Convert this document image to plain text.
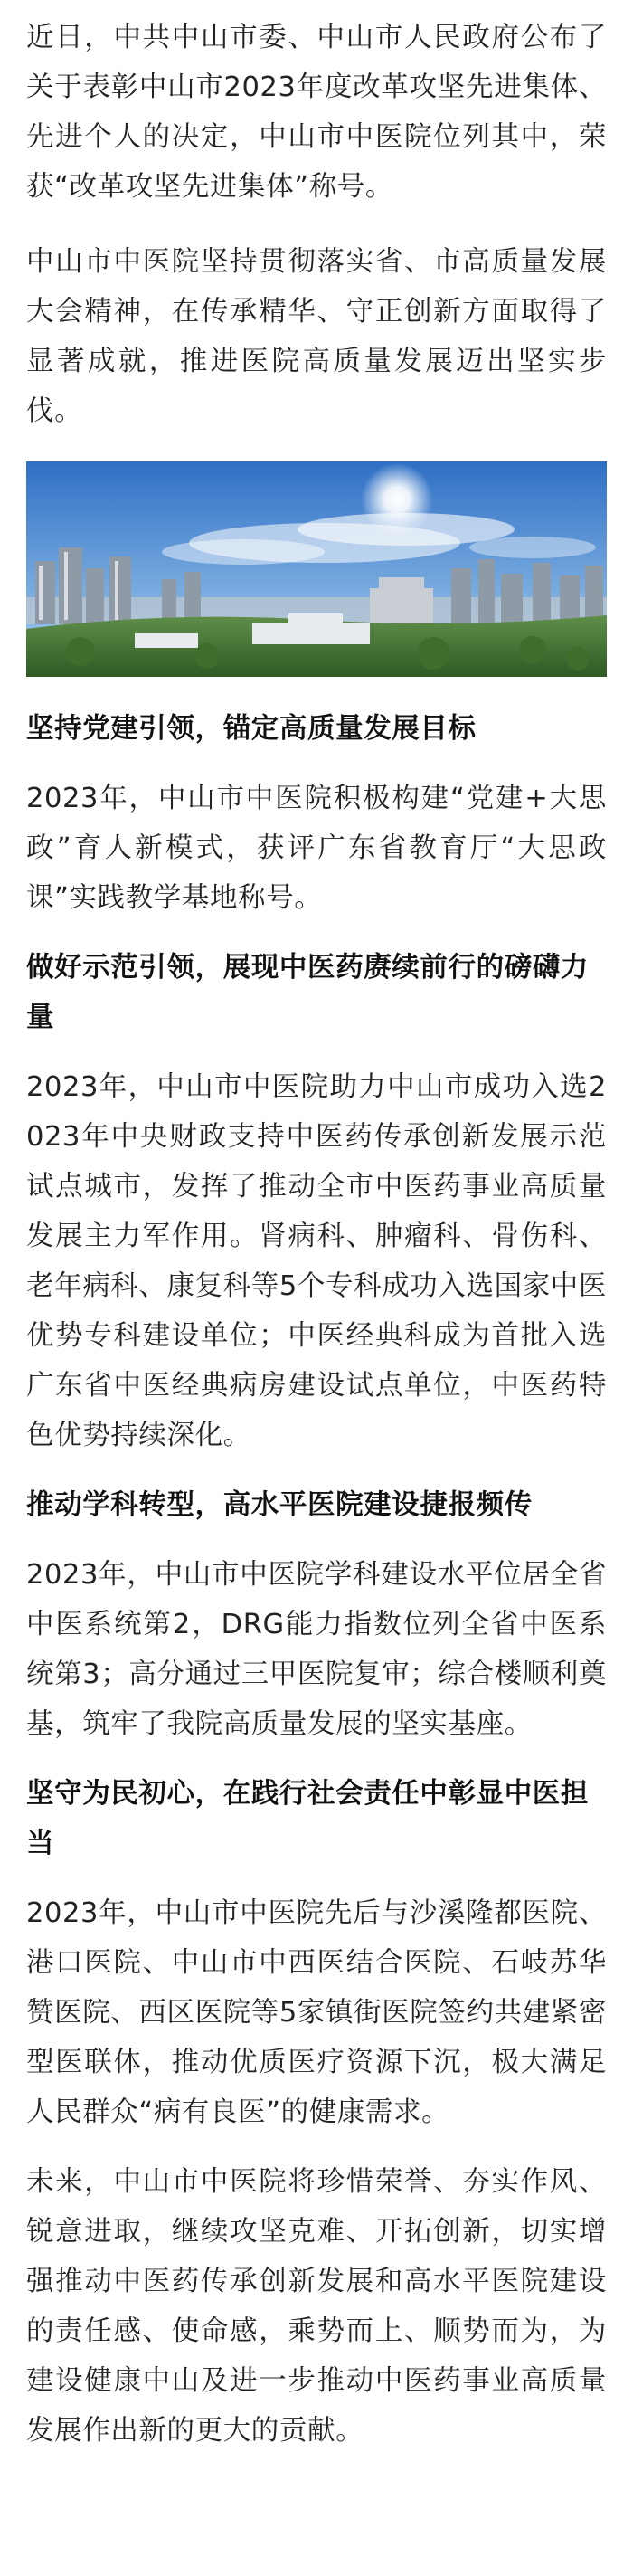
近日，中共中山市委、中山市人民政府公布了关于表彰中山市2023年度改革攻坚先进集体、先进个人的决定，中山市中医院位列其中，荣获“改革攻坚先进集体”称号。

中山市中医院坚持贯彻落实省、市高质量发展大会精神，在传承精华、守正创新方面取得了显著成就，推进医院高质量发展迈出坚实步伐。

坚持党建引领，锚定高质量发展目标

2023年，中山市中医院积极构建“党建+大思政”育人新模式，获评广东省教育厅“大思政课”实践教学基地称号。

做好示范引领，展现中医药赓续前行的磅礴力量

2023年，中山市中医院助力中山市成功入选2023年中央财政支持中医药传承创新发展示范试点城市，发挥了推动全市中医药事业高质量发展主力军作用。肾病科、肿瘤科、骨伤科、老年病科、康复科等5个专科成功入选国家中医优势专科建设单位；中医经典科成为首批入选广东省中医经典病房建设试点单位，中医药特色优势持续深化。

推动学科转型，高水平医院建设捷报频传

2023年，中山市中医院学科建设水平位居全省中医系统第2，DRG能力指数位列全省中医系统第3；高分通过三甲医院复审；综合楼顺利奠基，筑牢了我院高质量发展的坚实基座。

坚守为民初心，在践行社会责任中彰显中医担当

2023年，中山市中医院先后与沙溪隆都医院、港口医院、中山市中西医结合医院、石岐苏华赞医院、西区医院等5家镇街医院签约共建紧密型医联体，推动优质医疗资源下沉，极大满足人民群众“病有良医”的健康需求。

未来，中山市中医院将珍惜荣誉、夯实作风、锐意进取，继续攻坚克难、开拓创新，切实增强推动中医药传承创新发展和高水平医院建设的责任感、使命感，乘势而上、顺势而为，为建设健康中山及进一步推动中医药事业高质量发展作出新的更大的贡献。
